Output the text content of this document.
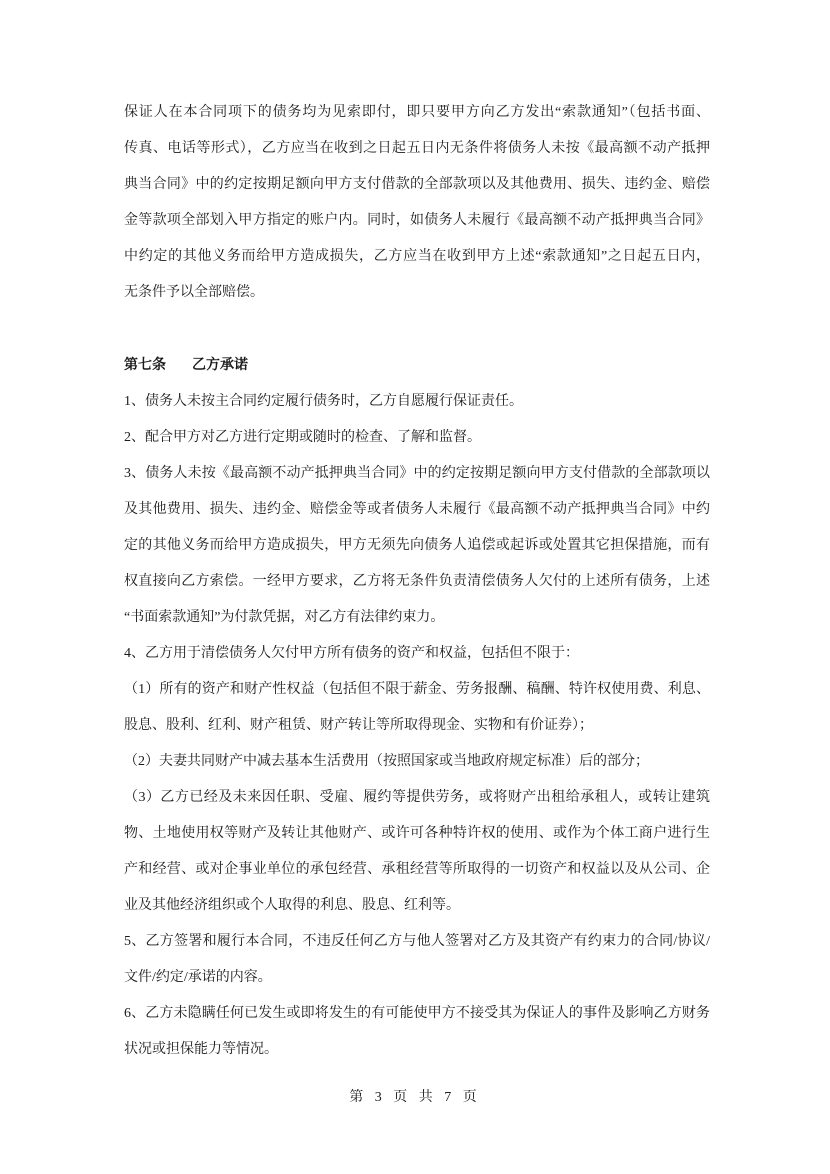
保证人在本合同项下的债务均为见索即付，即只要甲方向乙方发出“索款通知”（包括书面、
传真、电话等形式），乙方应当在收到之日起五日内无条件将债务人未按《最高额不动产抵押
典当合同》中的约定按期足额向甲方支付借款的全部款项以及其他费用、损失、违约金、赔偿
金等款项全部划入甲方指定的账户内。同时，如债务人未履行《最高额不动产抵押典当合同》
中约定的其他义务而给甲方造成损失，乙方应当在收到甲方上述“索款通知”之日起五日内，
无条件予以全部赔偿。
第七条 乙方承诺
1、债务人未按主合同约定履行债务时，乙方自愿履行保证责任。
2、配合甲方对乙方进行定期或随时的检查、了解和监督。
3、债务人未按《最高额不动产抵押典当合同》中的约定按期足额向甲方支付借款的全部款项以
及其他费用、损失、违约金、赔偿金等或者债务人未履行《最高额不动产抵押典当合同》中约
定的其他义务而给甲方造成损失，甲方无须先向债务人追偿或起诉或处置其它担保措施，而有
权直接向乙方索偿。一经甲方要求，乙方将无条件负责清偿债务人欠付的上述所有债务，上述
“书面索款通知”为付款凭据，对乙方有法律约束力。
4、乙方用于清偿债务人欠付甲方所有债务的资产和权益，包括但不限于：
（1）所有的资产和财产性权益（包括但不限于薪金、劳务报酬、稿酬、特许权使用费、利息、
股息、股利、红利、财产租赁、财产转让等所取得现金、实物和有价证券）；
（2）夫妻共同财产中减去基本生活费用（按照国家或当地政府规定标准）后的部分；
（3）乙方已经及未来因任职、受雇、履约等提供劳务，或将财产出租给承租人，或转让建筑
物、土地使用权等财产及转让其他财产、或许可各种特许权的使用、或作为个体工商户进行生
产和经营、或对企事业单位的承包经营、承租经营等所取得的一切资产和权益以及从公司、企
业及其他经济组织或个人取得的利息、股息、红利等。
5、乙方签署和履行本合同，不违反任何乙方与他人签署对乙方及其资产有约束力的合同/协议/
文件/约定/承诺的内容。
6、乙方未隐瞒任何已发生或即将发生的有可能使甲方不接受其为保证人的事件及影响乙方财务
状况或担保能力等情况。
第 3 页 共 7 页
